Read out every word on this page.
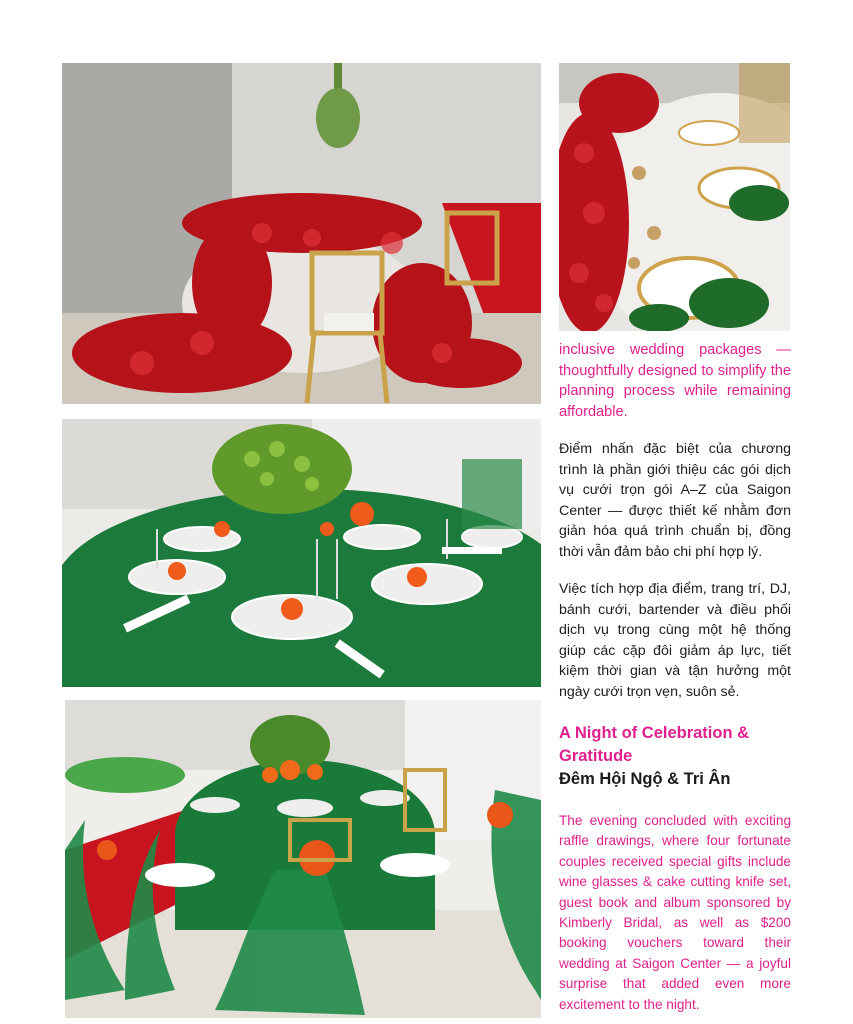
inclusive wedding packages — thoughtfully designed to simplify the planning process while remaining affordable.

Điểm nhấn đặc biệt của chương trình là phần giới thiệu các gói dịch vụ cưới trọn gói A–Z của Saigon Center — được thiết kế nhằm đơn giản hóa quá trình chuẩn bị, đồng thời vẫn đảm bảo chi phí hợp lý.

Việc tích hợp địa điểm, trang trí, DJ, bánh cưới, bartender và điều phối dịch vụ trong cùng một hệ thống giúp các cặp đôi giảm áp lực, tiết kiệm thời gian và tận hưởng một ngày cưới trọn vẹn, suôn sẻ.

A Night of Celebration & Gratitude
Đêm Hội Ngộ & Tri Ân

The evening concluded with exciting raffle drawings, where four fortunate couples received special gifts include wine glasses & cake cutting knife set, guest book and album sponsored by Kimberly Bridal, as well as $200 booking vouchers toward their wedding at Saigon Center — a joyful surprise that added even more excitement to the night.
